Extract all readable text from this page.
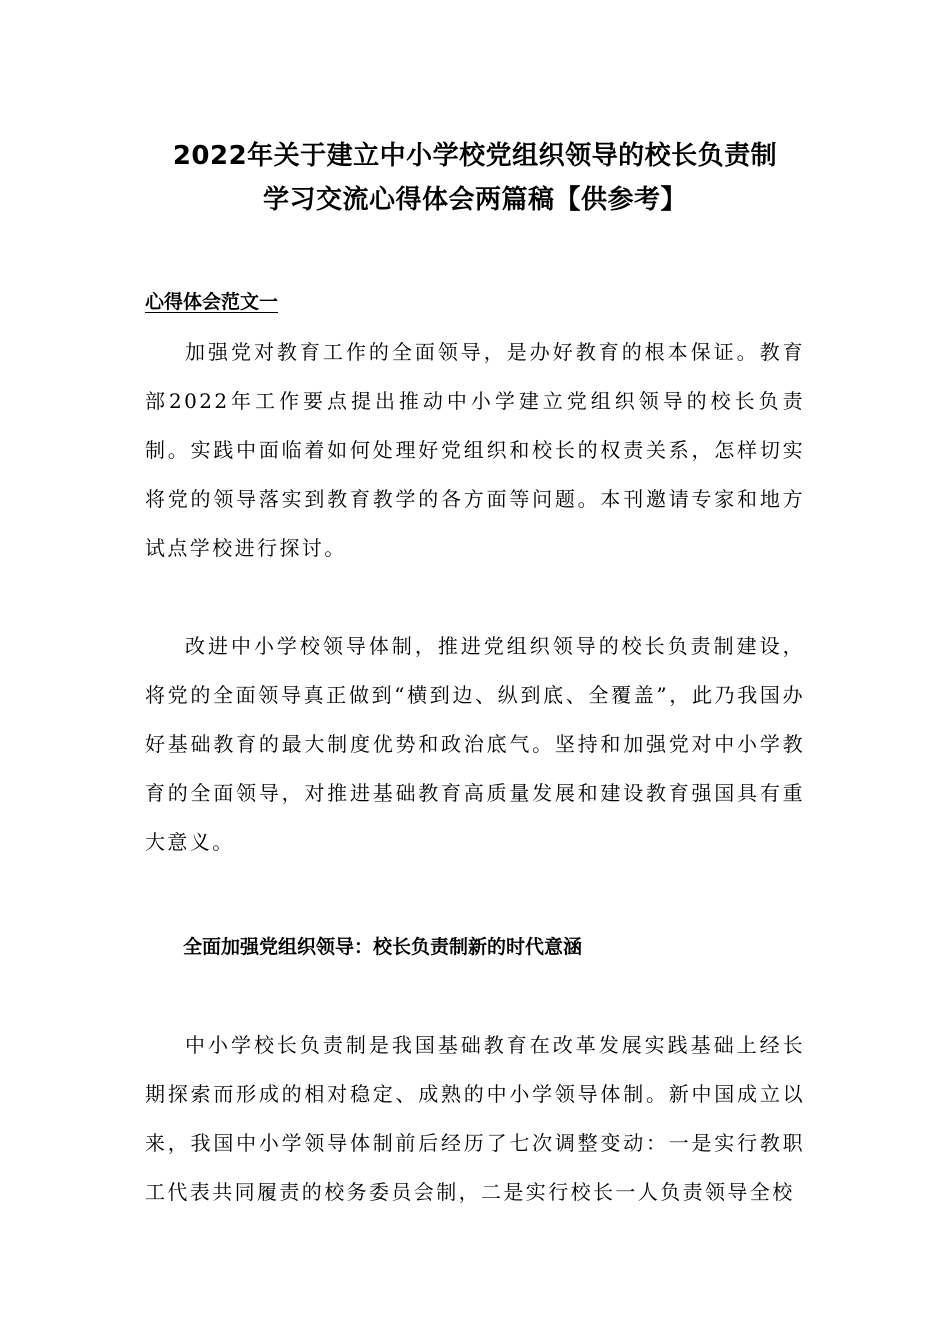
2022年关于建立中小学校党组织领导的校长负责制
学习交流心得体会两篇稿【供参考】
心得体会范文一

加强党对教育工作的全面领导，是办好教育的根本保证。教育部2022年工作要点提出推动中小学建立党组织领导的校长负责制。实践中面临着如何处理好党组织和校长的权责关系，怎样切实将党的领导落实到教育教学的各方面等问题。本刊邀请专家和地方试点学校进行探讨。

改进中小学校领导体制，推进党组织领导的校长负责制建设，将党的全面领导真正做到“横到边、纵到底、全覆盖”，此乃我国办好基础教育的最大制度优势和政治底气。坚持和加强党对中小学教育的全面领导，对推进基础教育高质量发展和建设教育强国具有重大意义。

全面加强党组织领导：校长负责制新的时代意涵

中小学校长负责制是我国基础教育在改革发展实践基础上经长期探索而形成的相对稳定、成熟的中小学领导体制。新中国成立以来，我国中小学领导体制前后经历了七次调整变动：一是实行教职工代表共同履责的校务委员会制，二是实行校长一人负责领导全校
